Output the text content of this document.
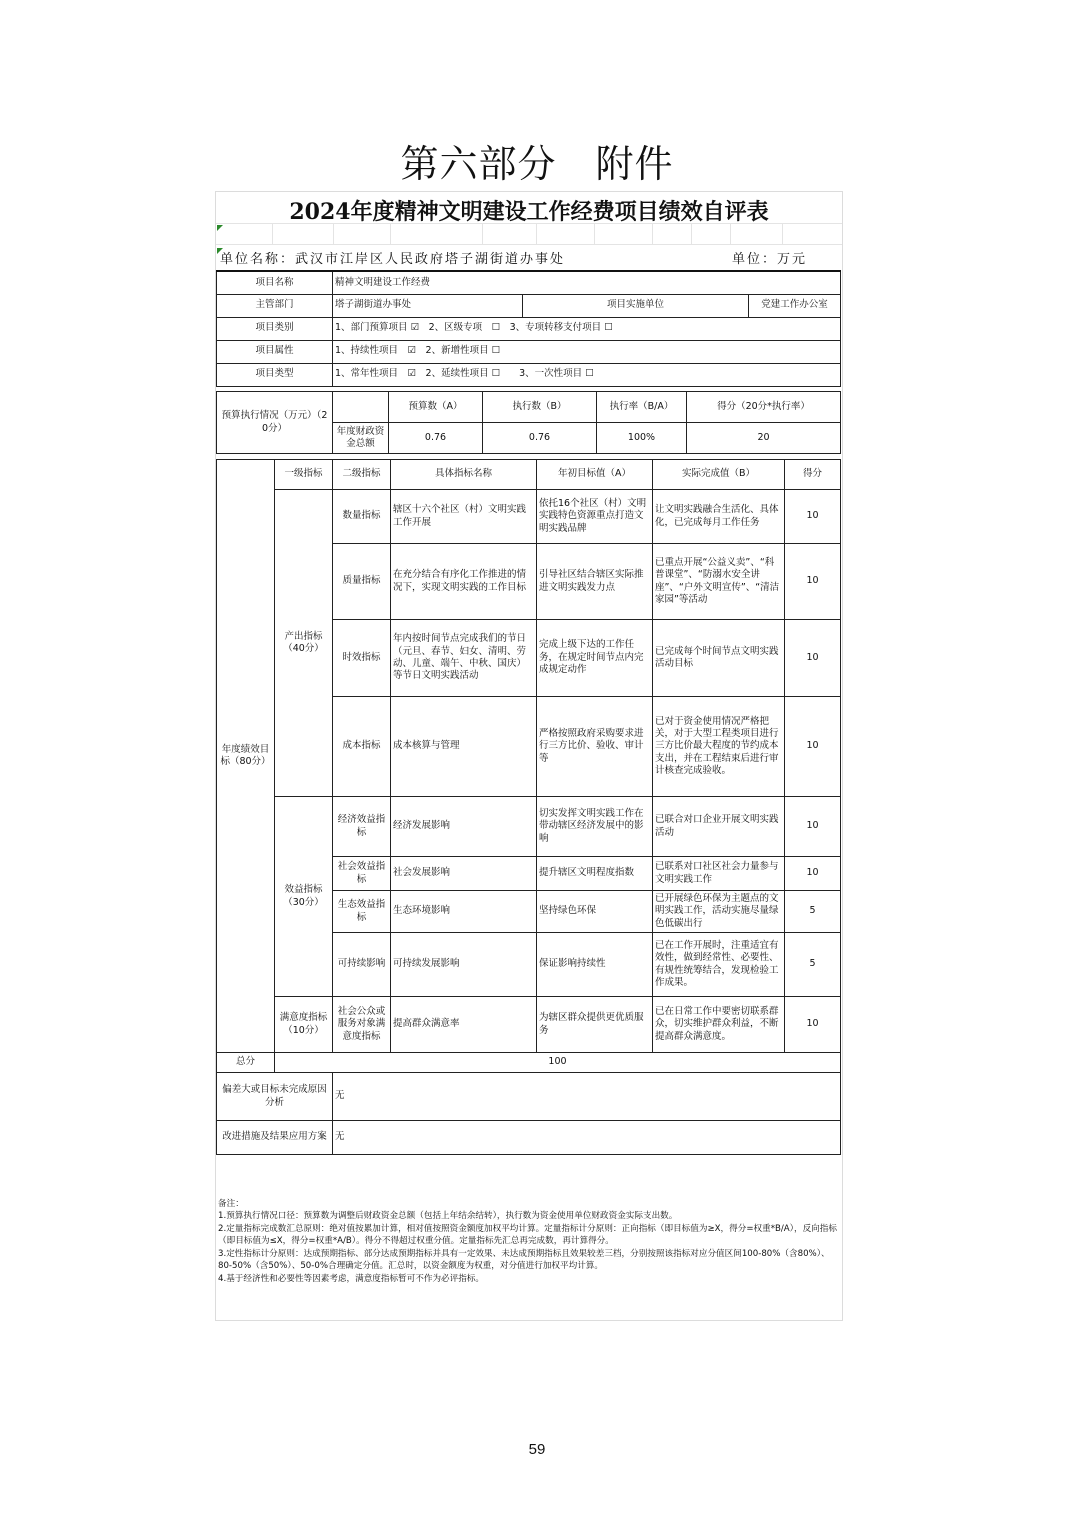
第六部分　附件
2024年度精神文明建设工作经费项目绩效自评表
单位名称：武汉市江岸区人民政府塔子湖街道办事处	单位：万元
项目名称	精神文明建设工作经费		
主管部门	塔子湖街道办事处	项目实施单位	党建工作办公室
项目类别	1、部门预算项目 ☑　2、区级专项　☐　3、专项转移支付项目 ☐		
项目属性	1、持续性项目　☑　2、新增性项目 ☐		
项目类型	1、常年性项目　☑　2、延续性项目 ☐　　3、一次性项目 ☐		
预算执行情况（万元）（20分）		预算数（A）	执行数（B）	执行率（B/A）	得分（20分*执行率）
	年度财政资金总额	0.76	0.76	100%	20
年度绩效目标（80分）	一级指标	二级指标	具体指标名称	年初目标值（A）	实际完成值（B）	得分
	产出指标（40分）	数量指标	辖区十六个社区（村）文明实践工作开展	依托16个社区（村）文明实践特色资源重点打造文明实践品牌	让文明实践融合生活化、具体化，已完成每月工作任务	10
		质量指标	在充分结合有序化工作推进的情况下，实现文明实践的工作目标	引导社区结合辖区实际推进文明实践发力点	已重点开展“公益义卖”、“科普课堂”、“防溺水安全讲座”、“户外文明宣传”、“清洁家园”等活动	10
		时效指标	年内按时间节点完成我们的节日（元旦、春节、妇女、清明、劳动、儿童、端午、中秋、国庆）等节日文明实践活动	完成上级下达的工作任务，在规定时间节点内完成规定动作	已完成每个时间节点文明实践活动目标	10
		成本指标	成本核算与管理	严格按照政府采购要求进行三方比价、验收、审计等	已对于资金使用情况严格把关，对于大型工程类项目进行三方比价最大程度的节约成本支出，并在工程结束后进行审计核查完成验收。	10
	效益指标（30分）	经济效益指标	经济发展影响	切实发挥文明实践工作在带动辖区经济发展中的影响	已联合对口企业开展文明实践活动	10
		社会效益指标	社会发展影响	提升辖区文明程度指数	已联系对口社区社会力量参与文明实践工作	10
		生态效益指标	生态环境影响	坚持绿色环保	已开展绿色环保为主题点的文明实践工作，活动实施尽量绿色低碳出行	5
		可持续影响	可持续发展影响	保证影响持续性	已在工作开展时，注重适宜有效性，做到经常性、必要性、有规性统筹结合，发现检验工作成果。	5
	满意度指标（10分）	社会公众或服务对象满意度指标	提高群众满意率	为辖区群众提供更优质服务	已在日常工作中要密切联系群众，切实维护群众利益，不断提高群众满意度。	10
总分	100					
偏差大或目标未完成原因分析		无				
改进措施及结果应用方案		无				
备注：
1.预算执行情况口径：预算数为调整后财政资金总额（包括上年结余结转），执行数为资金使用单位财政资金实际支出数。
2.定量指标完成数汇总原则：绝对值按累加计算，相对值按照资金额度加权平均计算。定量指标计分原则：正向指标（即目标值为≥X，得分=权重*B/A），反向指标（即目标值为≤X，得分=权重*A/B）。得分不得超过权重分值。定量指标先汇总再完成数，再计算得分。
3.定性指标计分原则：达成预期指标、部分达成预期指标并具有一定效果、未达成预期指标且效果较差三档，分别按照该指标对应分值区间100-80%（含80%）、80-50%（含50%）、50-0%合理确定分值。汇总时，以资金额度为权重，对分值进行加权平均计算。
4.基于经济性和必要性等因素考虑，满意度指标暂可不作为必评指标。
59
